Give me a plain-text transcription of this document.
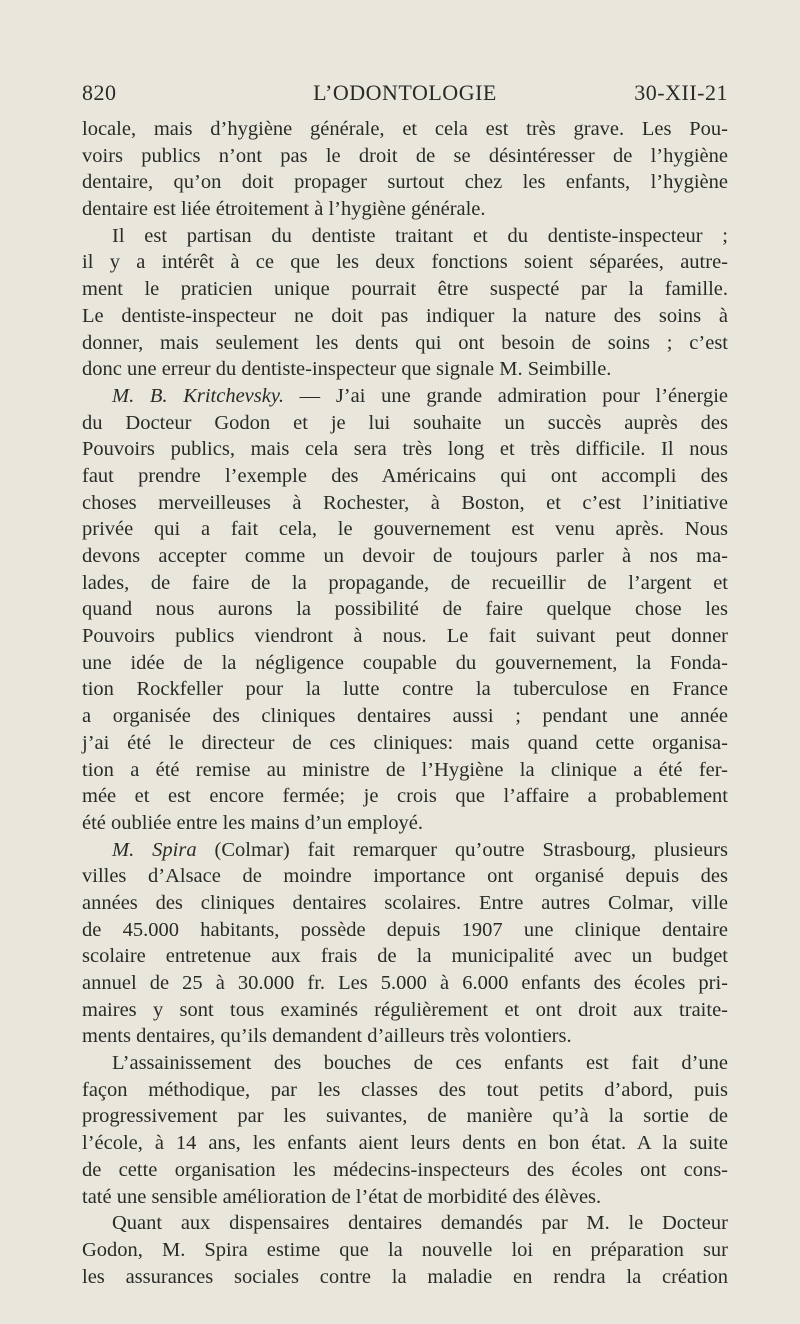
820	L’ODONTOLOGIE	30-XII-21
locale, mais d’hygiène générale, et cela est très grave. Les Pou-
voirs publics n’ont pas le droit de se désintéresser de l’hygiène
dentaire, qu’on doit propager surtout chez les enfants, l’hygiène
dentaire est liée étroitement à l’hygiène générale.
Il est partisan du dentiste traitant et du dentiste-inspecteur ;
il y a intérêt à ce que les deux fonctions soient séparées, autre-
ment le praticien unique pourrait être suspecté par la famille.
Le dentiste-inspecteur ne doit pas indiquer la nature des soins à
donner, mais seulement les dents qui ont besoin de soins ; c’est
donc une erreur du dentiste-inspecteur que signale M. Seimbille.
M. B. Kritchevsky. — J’ai une grande admiration pour l’énergie
du Docteur Godon et je lui souhaite un succès auprès des
Pouvoirs publics, mais cela sera très long et très difficile. Il nous
faut prendre l’exemple des Américains qui ont accompli des
choses merveilleuses à Rochester, à Boston, et c’est l’initiative
privée qui a fait cela, le gouvernement est venu après. Nous
devons accepter comme un devoir de toujours parler à nos ma-
lades, de faire de la propagande, de recueillir de l’argent et
quand nous aurons la possibilité de faire quelque chose les
Pouvoirs publics viendront à nous. Le fait suivant peut donner
une idée de la négligence coupable du gouvernement, la Fonda-
tion Rockfeller pour la lutte contre la tuberculose en France
a organisée des cliniques dentaires aussi ; pendant une année
j’ai été le directeur de ces cliniques: mais quand cette organisa-
tion a été remise au ministre de l’Hygiène la clinique a été fer-
mée et est encore fermée; je crois que l’affaire a probablement
été oubliée entre les mains d’un employé.
M. Spira (Colmar) fait remarquer qu’outre Strasbourg, plusieurs
villes d’Alsace de moindre importance ont organisé depuis des
années des cliniques dentaires scolaires. Entre autres Colmar, ville
de 45.000 habitants, possède depuis 1907 une clinique dentaire
scolaire entretenue aux frais de la municipalité avec un budget
annuel de 25 à 30.000 fr. Les 5.000 à 6.000 enfants des écoles pri-
maires y sont tous examinés régulièrement et ont droit aux traite-
ments dentaires, qu’ils demandent d’ailleurs très volontiers.
L’assainissement des bouches de ces enfants est fait d’une
façon méthodique, par les classes des tout petits d’abord, puis
progressivement par les suivantes, de manière qu’à la sortie de
l’école, à 14 ans, les enfants aient leurs dents en bon état. A la suite
de cette organisation les médecins-inspecteurs des écoles ont cons-
taté une sensible amélioration de l’état de morbidité des élèves.
Quant aux dispensaires dentaires demandés par M. le Docteur
Godon, M. Spira estime que la nouvelle loi en préparation sur
les assurances sociales contre la maladie en rendra la création
